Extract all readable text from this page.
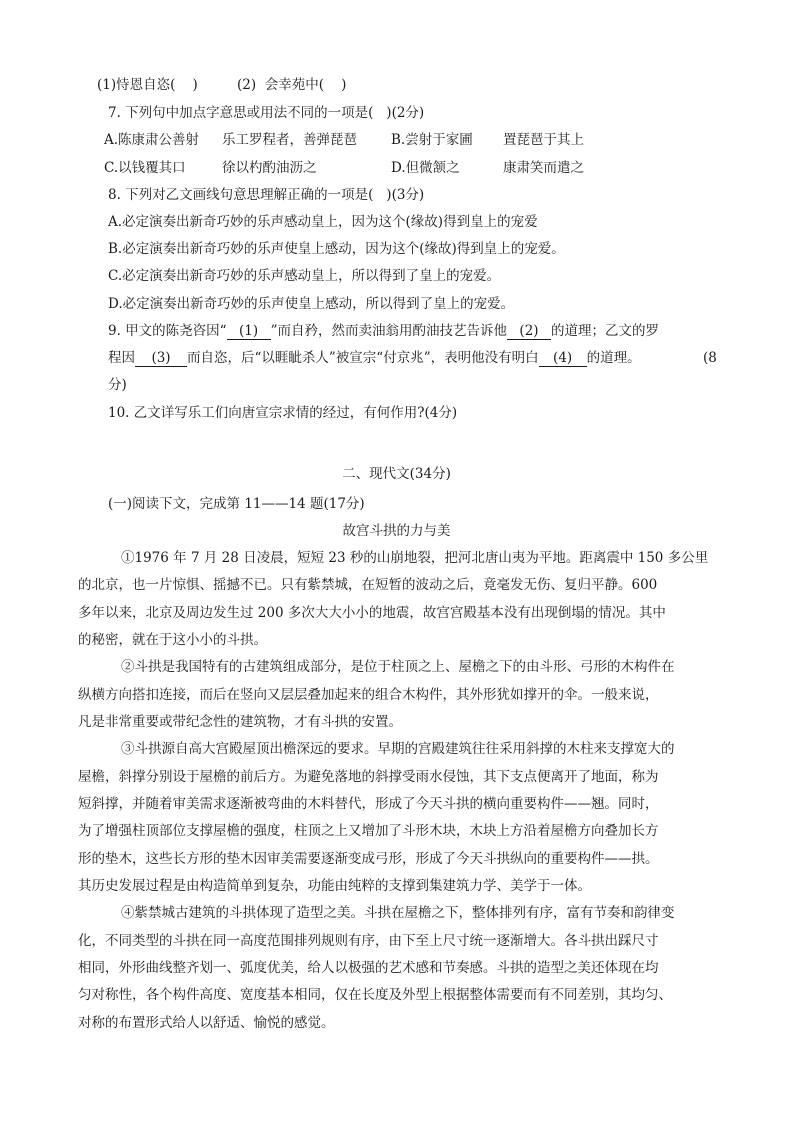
(1)恃恩自恣(    )	(2)  会幸苑中(    )
7. 下列句中加点字意思或用法不同的一项是(   )(2分)
A.陈康肃公善射 乐工罗程者，善弹琵琶	B.尝射于家圃 置琵琶于其上
C.以钱覆其口	徐以杓酌油沥之	D.但微颔之	康肃笑而遣之
8. 下列对乙文画线句意思理解正确的一项是(   )(3分)
A.必定演奏出新奇巧妙的乐声感动皇上，因为这个(缘故)得到皇上的宠爱
B.必定演奏出新奇巧妙的乐声使皇上感动，因为这个(缘故)得到皇上的宠爱。
C.必定演奏出新奇巧妙的乐声感动皇上，所以得到了皇上的宠爱。
D.必定演奏出新奇巧妙的乐声使皇上感动，所以得到了皇上的宠爱。
9. 甲文的陈尧咨因“ (1) ”而自矜，然而卖油翁用酌油技艺告诉他 (2) 的道理；乙文的罗
程因 (3) 而自恣，后“以睚眦杀人”被宣宗“付京兆”，表明他没有明白 (4) 的道理。	(8
分)
10. 乙文详写乐工们向唐宣宗求情的经过，有何作用?(4分)
二、现代文(34分)
(一)阅读下文，完成第 11——14 题(17分)
故宫斗拱的力与美
①1976 年 7 月 28 日凌晨，短短 23 秒的山崩地裂，把河北唐山夷为平地。距离震中 150 多公里
的北京，也一片惊惧、摇撼不已。只有紫禁城，在短暂的波动之后，竟毫发无伤、复归平静。600
多年以来，北京及周边发生过 200 多次大大小小的地震，故宫宫殿基本没有出现倒塌的情况。其中
的秘密，就在于这小小的斗拱。
②斗拱是我国特有的古建筑组成部分，是位于柱顶之上、屋檐之下的由斗形、弓形的木构件在
纵横方向搭扣连接，而后在竖向又层层叠加起来的组合木构件，其外形犹如撑开的伞。一般来说，
凡是非常重要或带纪念性的建筑物，才有斗拱的安置。
③斗拱源自高大宫殿屋顶出檐深远的要求。早期的宫殿建筑往往采用斜撑的木柱来支撑宽大的
屋檐，斜撑分别设于屋檐的前后方。为避免落地的斜撑受雨水侵蚀，其下支点便离开了地面，称为
短斜撑，并随着审美需求逐渐被弯曲的木料替代，形成了今天斗拱的横向重要构件——翘。同时，
为了增强柱顶部位支撑屋檐的强度，柱顶之上又增加了斗形木块，木块上方沿着屋檐方向叠加长方
形的垫木，这些长方形的垫木因审美需要逐渐变成弓形，形成了今天斗拱纵向的重要构件——拱。
其历史发展过程是由构造简单到复杂，功能由纯粹的支撑到集建筑力学、美学于一体。
④紫禁城古建筑的斗拱体现了造型之美。斗拱在屋檐之下，整体排列有序，富有节奏和韵律变
化，不同类型的斗拱在同一高度范围排列规则有序，由下至上尺寸统一逐渐增大。各斗拱出踩尺寸
相同，外形曲线整齐划一、弧度优美，给人以极强的艺术感和节奏感。斗拱的造型之美还体现在均
匀对称性，各个构件高度、宽度基本相同，仅在长度及外型上根据整体需要而有不同差别，其均匀、
对称的布置形式给人以舒适、愉悦的感觉。
